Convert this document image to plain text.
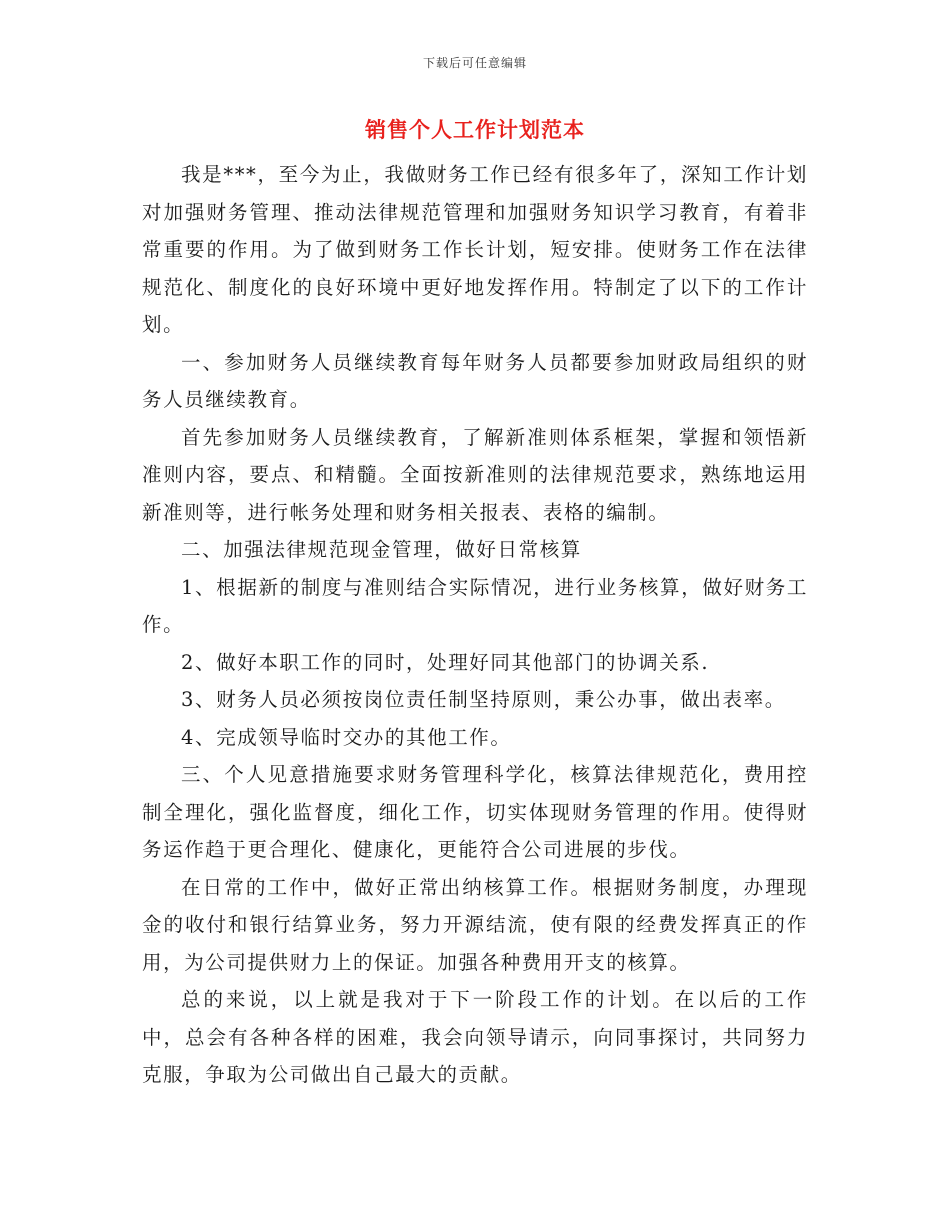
下载后可任意编辑
销售个人工作计划范本

我是***，至今为止，我做财务工作已经有很多年了，深知工作计划对加强财务管理、推动法律规范管理和加强财务知识学习教育，有着非常重要的作用。为了做到财务工作长计划，短安排。使财务工作在法律规范化、制度化的良好环境中更好地发挥作用。特制定了以下的工作计划。

一、参加财务人员继续教育每年财务人员都要参加财政局组织的财务人员继续教育。

首先参加财务人员继续教育，了解新准则体系框架，掌握和领悟新准则内容，要点、和精髓。全面按新准则的法律规范要求，熟练地运用新准则等，进行帐务处理和财务相关报表、表格的编制。

二、加强法律规范现金管理，做好日常核算

1、根据新的制度与准则结合实际情况，进行业务核算，做好财务工作。

2、做好本职工作的同时，处理好同其他部门的协调关系.

3、财务人员必须按岗位责任制坚持原则，秉公办事，做出表率。

4、完成领导临时交办的其他工作。

三、个人见意措施要求财务管理科学化，核算法律规范化，费用控制全理化，强化监督度，细化工作，切实体现财务管理的作用。使得财务运作趋于更合理化、健康化，更能符合公司进展的步伐。

在日常的工作中，做好正常出纳核算工作。根据财务制度，办理现金的收付和银行结算业务，努力开源结流，使有限的经费发挥真正的作用，为公司提供财力上的保证。加强各种费用开支的核算。

总的来说，以上就是我对于下一阶段工作的计划。在以后的工作中，总会有各种各样的困难，我会向领导请示，向同事探讨，共同努力克服，争取为公司做出自己最大的贡献。
